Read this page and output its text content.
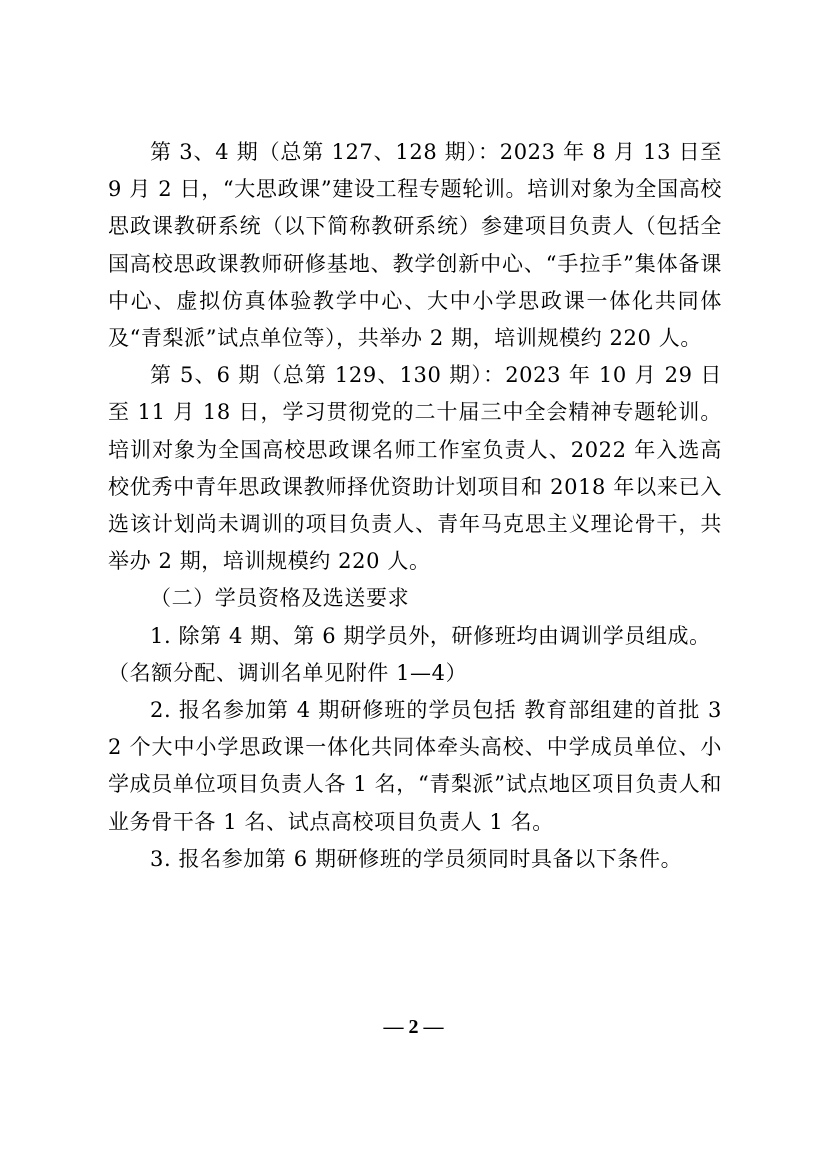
第 3、4 期（总第 127、128 期）：2023 年 8 月 13 日至 9 月 2 日，“大思政课”建设工程专题轮训。培训对象为全国高校思政课教研系统（以下简称教研系统）参建项目负责人（包括全国高校思政课教师研修基地、教学创新中心、“手拉手”集体备课中心、虚拟仿真体验教学中心、大中小学思政课一体化共同体及“青梨派”试点单位等），共举办 2 期，培训规模约 220 人。

第 5、6 期（总第 129、130 期）：2023 年 10 月 29 日至 11 月 18 日，学习贯彻党的二十届三中全会精神专题轮训。培训对象为全国高校思政课名师工作室负责人、2022 年入选高校优秀中青年思政课教师择优资助计划项目和 2018 年以来已入选该计划尚未调训的项目负责人、青年马克思主义理论骨干，共举办 2 期，培训规模约 220 人。

（二）学员资格及选送要求

1. 除第 4 期、第 6 期学员外，研修班均由调训学员组成。

（名额分配、调训名单见附件 1—4）

2. 报名参加第 4 期研修班的学员包括 教育部组建的首批 32 个大中小学思政课一体化共同体牵头高校、中学成员单位、小学成员单位项目负责人各 1 名，“青梨派”试点地区项目负责人和业务骨干各 1 名、试点高校项目负责人 1 名。

3. 报名参加第 6 期研修班的学员须同时具备以下条件。

— 2 —
